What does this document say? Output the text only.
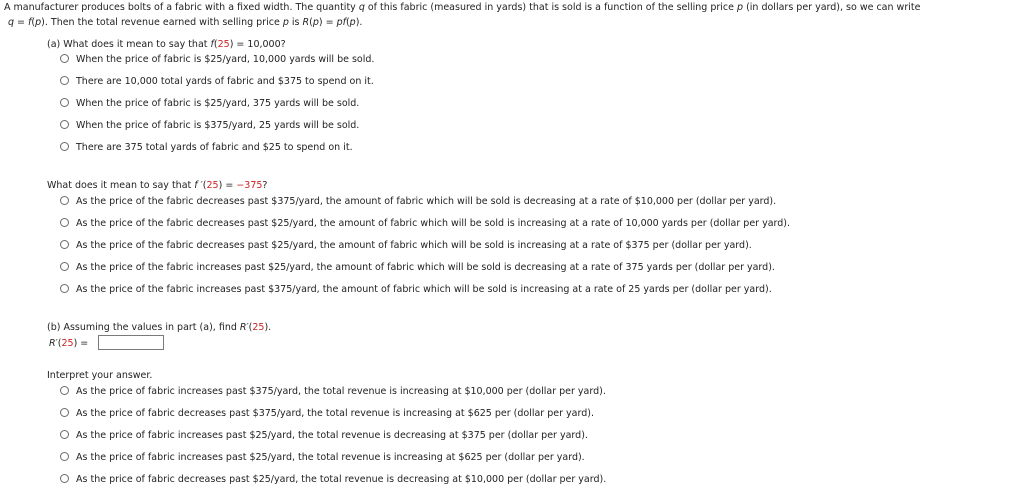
A manufacturer produces bolts of a fabric with a fixed width. The quantity q of this fabric (measured in yards) that is sold is a function of the selling price p (in dollars per yard), so we can write
q = f(p). Then the total revenue earned with selling price p is R(p) = pf(p).
(a) What does it mean to say that f(25) = 10,000?
When the price of fabric is $25/yard, 10,000 yards will be sold.
There are 10,000 total yards of fabric and $375 to spend on it.
When the price of fabric is $25/yard, 375 yards will be sold.
When the price of fabric is $375/yard, 25 yards will be sold.
There are 375 total yards of fabric and $25 to spend on it.
What does it mean to say that f ′(25) = −375?
As the price of the fabric decreases past $375/yard, the amount of fabric which will be sold is decreasing at a rate of $10,000 per (dollar per yard).
As the price of the fabric decreases past $25/yard, the amount of fabric which will be sold is increasing at a rate of 10,000 yards per (dollar per yard).
As the price of the fabric decreases past $25/yard, the amount of fabric which will be sold is increasing at a rate of $375 per (dollar per yard).
As the price of the fabric increases past $25/yard, the amount of fabric which will be sold is decreasing at a rate of 375 yards per (dollar per yard).
As the price of the fabric increases past $375/yard, the amount of fabric which will be sold is increasing at a rate of 25 yards per (dollar per yard).
(b) Assuming the values in part (a), find R′(25).
R′(25) =
Interpret your answer.
As the price of fabric increases past $375/yard, the total revenue is increasing at $10,000 per (dollar per yard).
As the price of fabric decreases past $375/yard, the total revenue is increasing at $625 per (dollar per yard).
As the price of fabric increases past $25/yard, the total revenue is decreasing at $375 per (dollar per yard).
As the price of fabric increases past $25/yard, the total revenue is increasing at $625 per (dollar per yard).
As the price of fabric decreases past $25/yard, the total revenue is decreasing at $10,000 per (dollar per yard).
